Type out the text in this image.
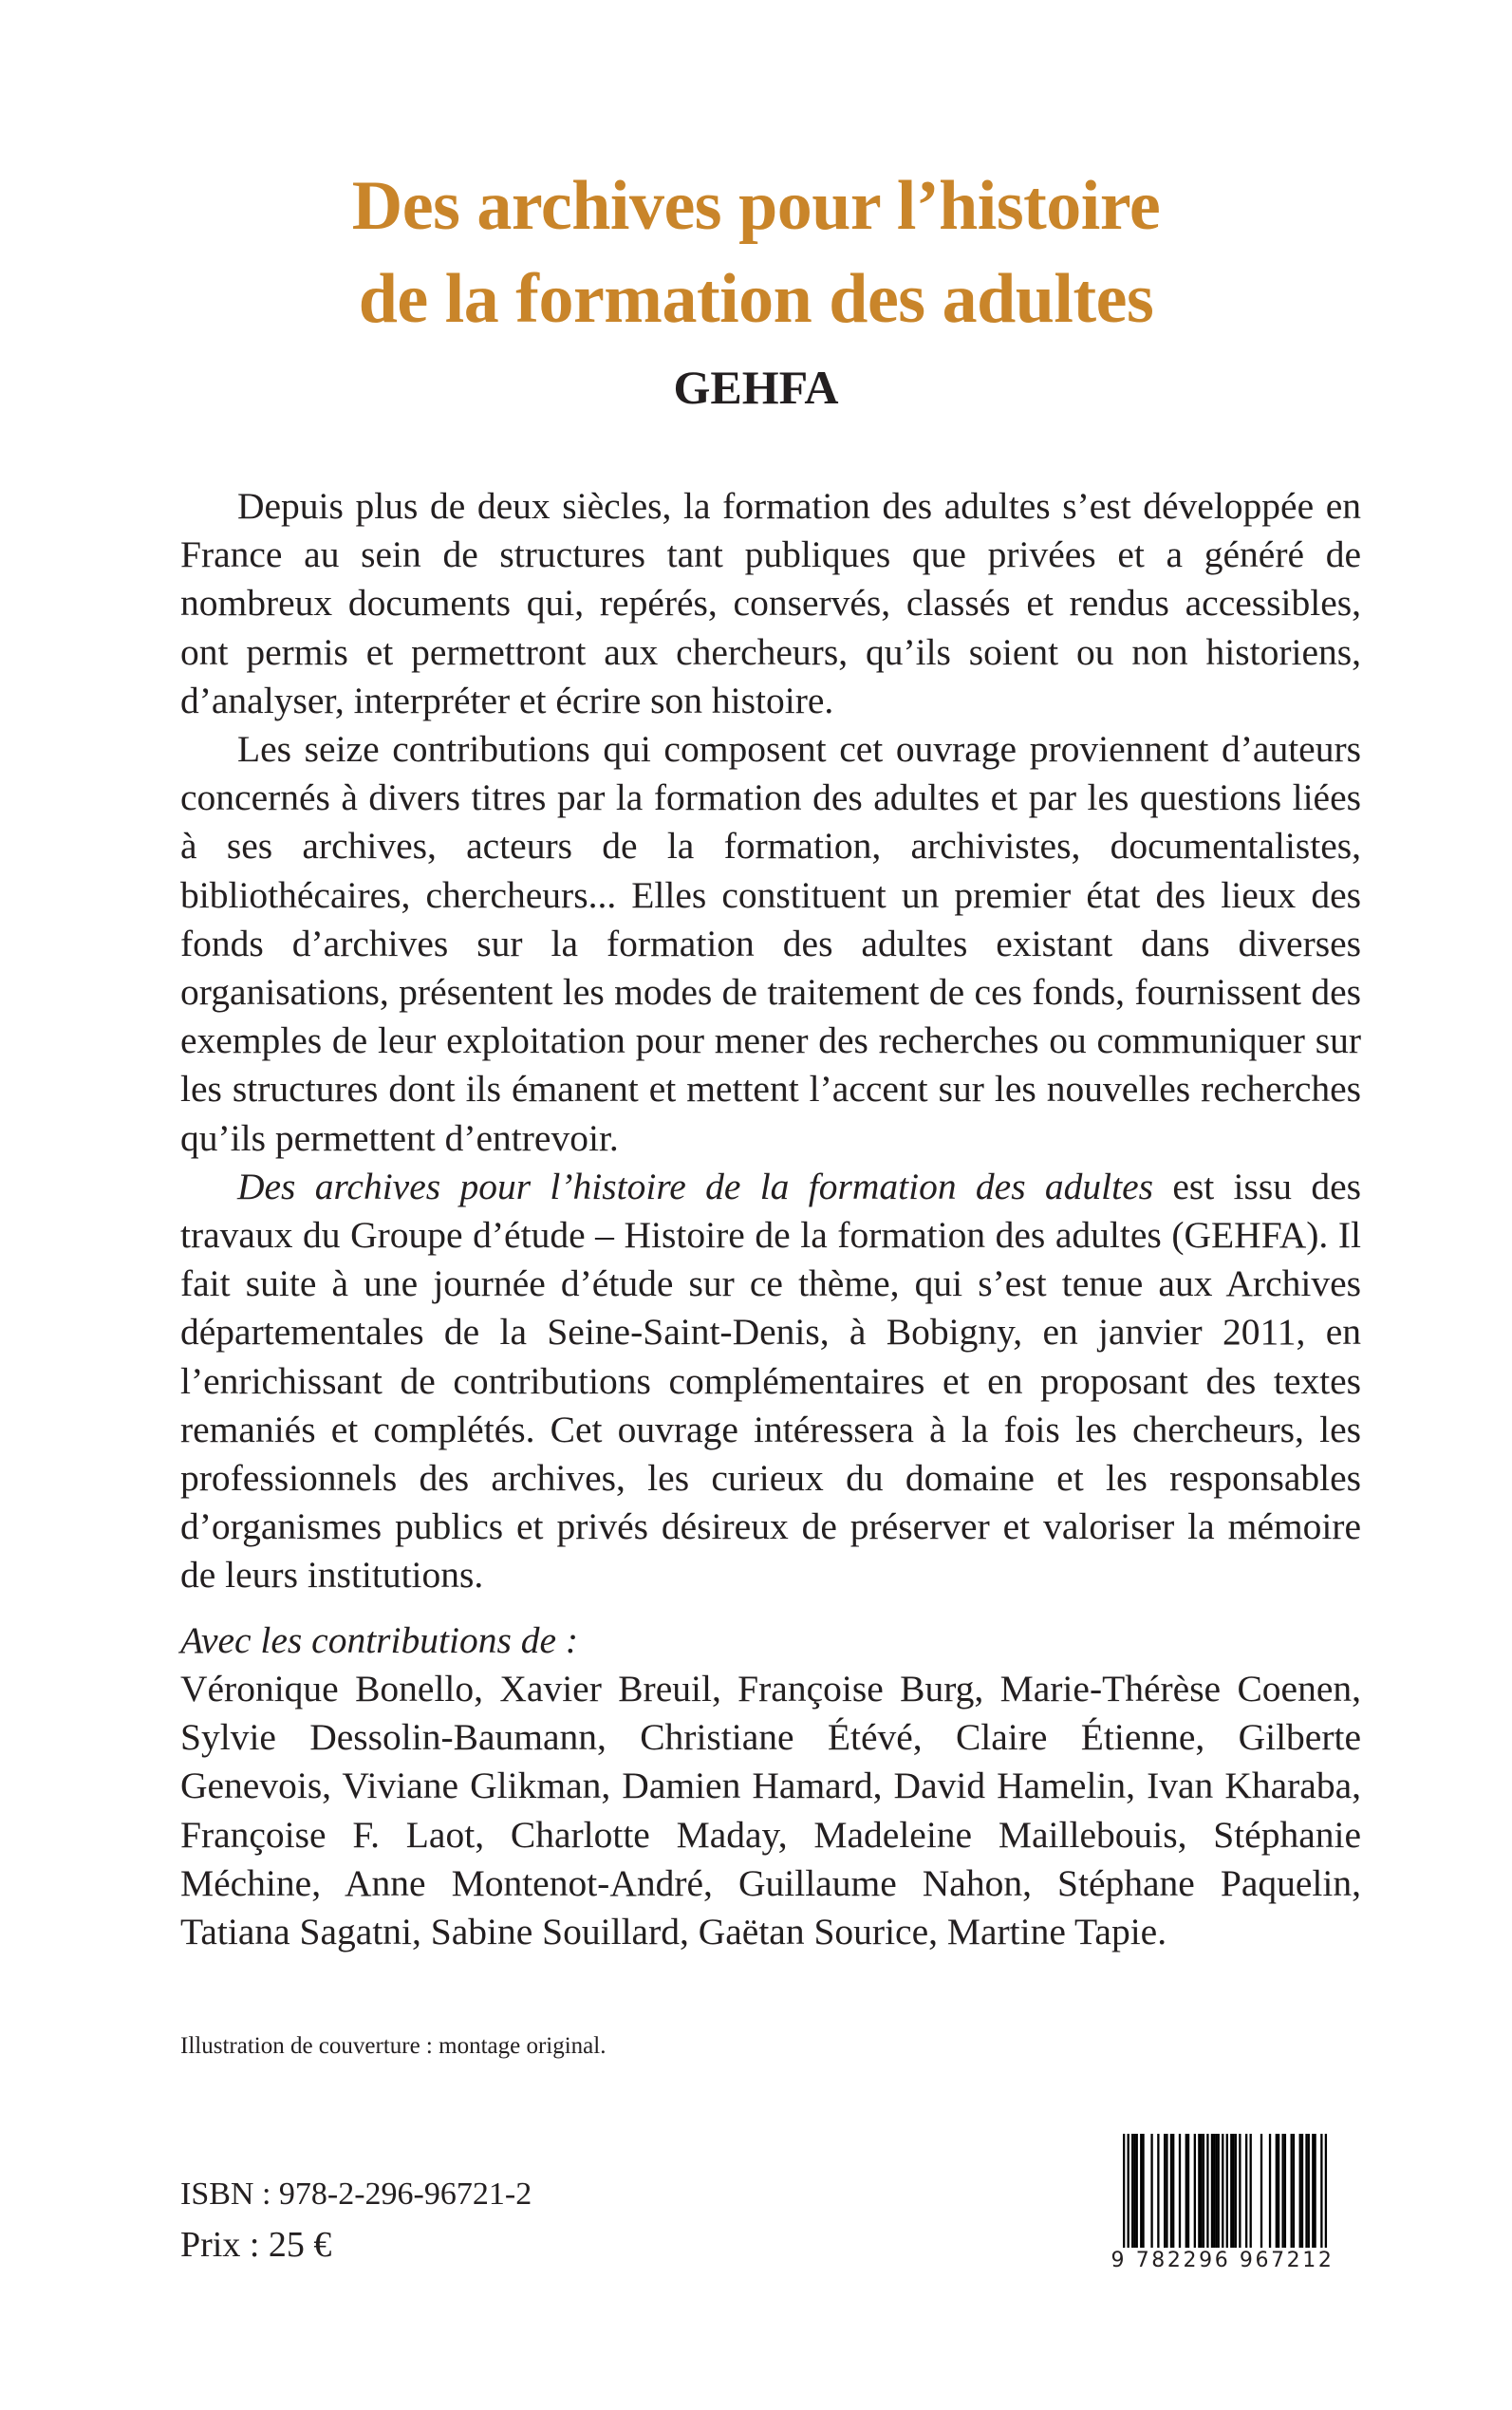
Des archives pour l’histoire
de la formation des adultes

GEHFA

Depuis plus de deux siècles, la formation des adultes s’est développée en France au sein de structures tant publiques que privées et a généré de nombreux documents qui, repérés, conservés, classés et rendus accessibles, ont permis et permettront aux chercheurs, qu’ils soient ou non historiens, d’analyser, interpréter et écrire son histoire.

Les seize contributions qui composent cet ouvrage proviennent d’auteurs concernés à divers titres par la formation des adultes et par les questions liées à ses archives, acteurs de la formation, archivistes, documentalistes, bibliothécaires, chercheurs... Elles constituent un premier état des lieux des fonds d’archives sur la formation des adultes existant dans diverses organisations, présentent les modes de traitement de ces fonds, fournissent des exemples de leur exploitation pour mener des recherches ou communiquer sur les structures dont ils émanent et mettent l’accent sur les nouvelles recherches qu’ils permettent d’entrevoir.

Des archives pour l’histoire de la formation des adultes est issu des travaux du Groupe d’étude – Histoire de la formation des adultes (GEHFA). Il fait suite à une journée d’étude sur ce thème, qui s’est tenue aux Archives départementales de la Seine-Saint-Denis, à Bobigny, en janvier 2011, en l’enrichissant de contributions complémentaires et en proposant des textes remaniés et complétés. Cet ouvrage intéressera à la fois les chercheurs, les professionnels des archives, les curieux du domaine et les responsables d’organismes publics et privés désireux de préserver et valoriser la mémoire de leurs institutions.

Avec les contributions de :

Véronique Bonello, Xavier Breuil, Françoise Burg, Marie-Thérèse Coenen, Sylvie Dessolin-Baumann, Christiane Étévé, Claire Étienne, Gilberte Genevois, Viviane Glikman, Damien Hamard, David Hamelin, Ivan Kharaba, Françoise F. Laot, Charlotte Maday, Madeleine Maillebouis, Stéphanie Méchine, Anne Montenot-André, Guillaume Nahon, Stéphane Paquelin, Tatiana Sagatni, Sabine Souillard, Gaëtan Sourice, Martine Tapie.

Illustration de couverture : montage original.

ISBN : 978-2-296-96721-2

Prix : 25 €	9 782296 967212
